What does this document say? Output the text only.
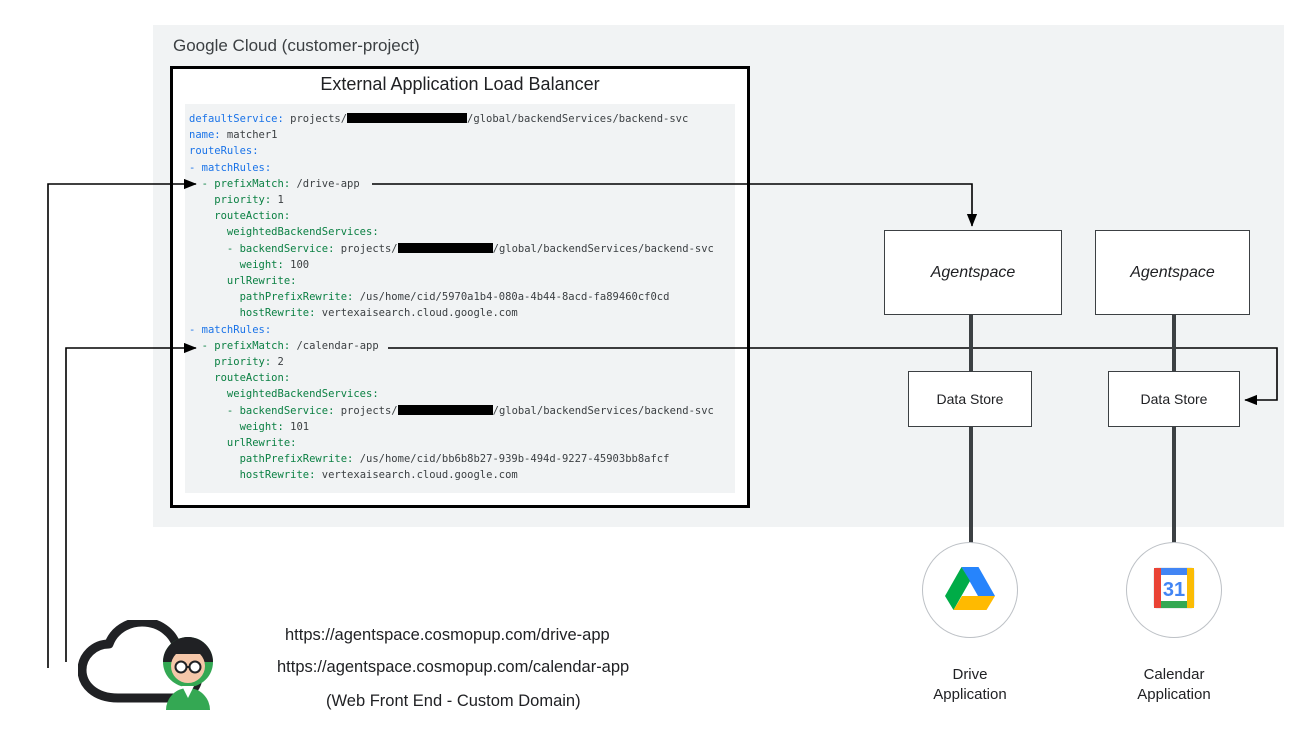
Google Cloud (customer-project)
External Application Load Balancer
defaultService: projects/	/global/backendServices/backend-svc
name: matcher1
routeRules:
- matchRules:
- prefixMatch: /drive-app
priority: 1
routeAction:
weightedBackendServices:
- backendService: projects/	/global/backendServices/backend-svc
weight: 100
urlRewrite:
pathPrefixRewrite: /us/home/cid/5970a1b4-080a-4b44-8acd-fa89460cf0cd
hostRewrite: vertexaisearch.cloud.google.com
- matchRules:
- prefixMatch: /calendar-app
priority: 2
routeAction:
weightedBackendServices:
- backendService: projects/	/global/backendServices/backend-svc
weight: 101
urlRewrite:
pathPrefixRewrite: /us/home/cid/bb6b8b27-939b-494d-9227-45903bb8afcf
hostRewrite: vertexaisearch.cloud.google.com
Agentspace	Agentspace
Data Store	Data Store
Drive
Application
31
Calendar
Application
https://agentspace.cosmopup.com/drive-app
https://agentspace.cosmopup.com/calendar-app
(Web Front End - Custom Domain)
